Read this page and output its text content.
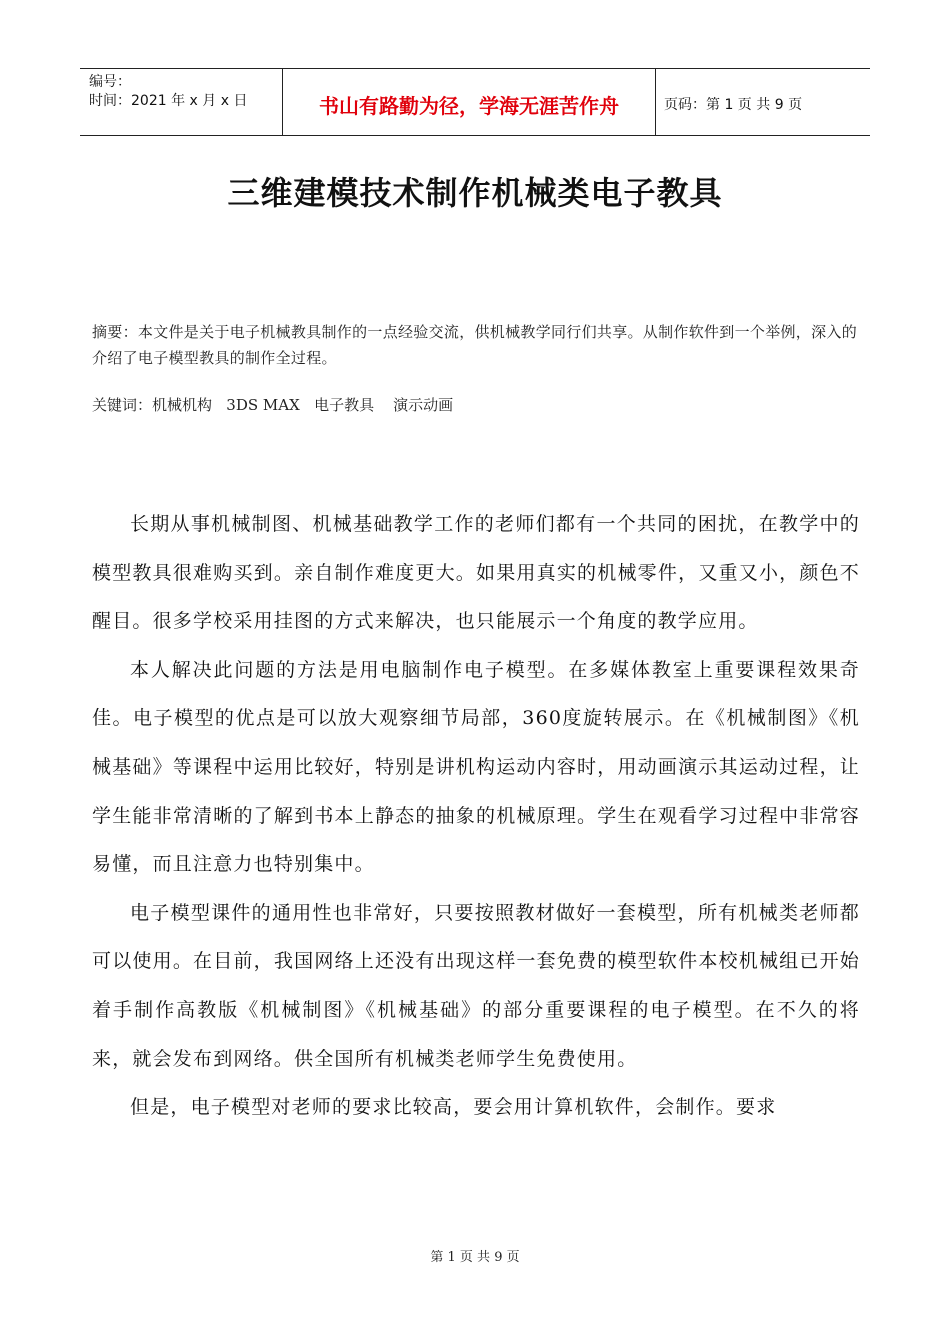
编号：
时间：2021 年 x 月 x 日	书山有路勤为径，学海无涯苦作舟	页码：第 1 页 共 9 页
三维建模技术制作机械类电子教具
摘要：本文件是关于电子机械教具制作的一点经验交流，供机械教学同行们共享。从制作软件到一个举例，深入的介绍了电子模型教具的制作全过程。
关键词：机械机构   3DS MAX   电子教具    演示动画

长期从事机械制图、机械基础教学工作的老师们都有一个共同的困扰，在教学中的模型教具很难购买到。亲自制作难度更大。如果用真实的机械零件，又重又小，颜色不醒目。很多学校采用挂图的方式来解决，也只能展示一个角度的教学应用。

本人解决此问题的方法是用电脑制作电子模型。在多媒体教室上重要课程效果奇佳。电子模型的优点是可以放大观察细节局部，360度旋转展示。在《机械制图》《机械基础》等课程中运用比较好，特别是讲机构运动内容时，用动画演示其运动过程，让学生能非常清晰的了解到书本上静态的抽象的机械原理。学生在观看学习过程中非常容易懂，而且注意力也特别集中。

电子模型课件的通用性也非常好，只要按照教材做好一套模型，所有机械类老师都可以使用。在目前，我国网络上还没有出现这样一套免费的模型软件本校机械组已开始着手制作高教版《机械制图》《机械基础》的部分重要课程的电子模型。在不久的将来，就会发布到网络。供全国所有机械类老师学生免费使用。

但是，电子模型对老师的要求比较高，要会用计算机软件，会制作。要求

第 1 页 共 9 页
